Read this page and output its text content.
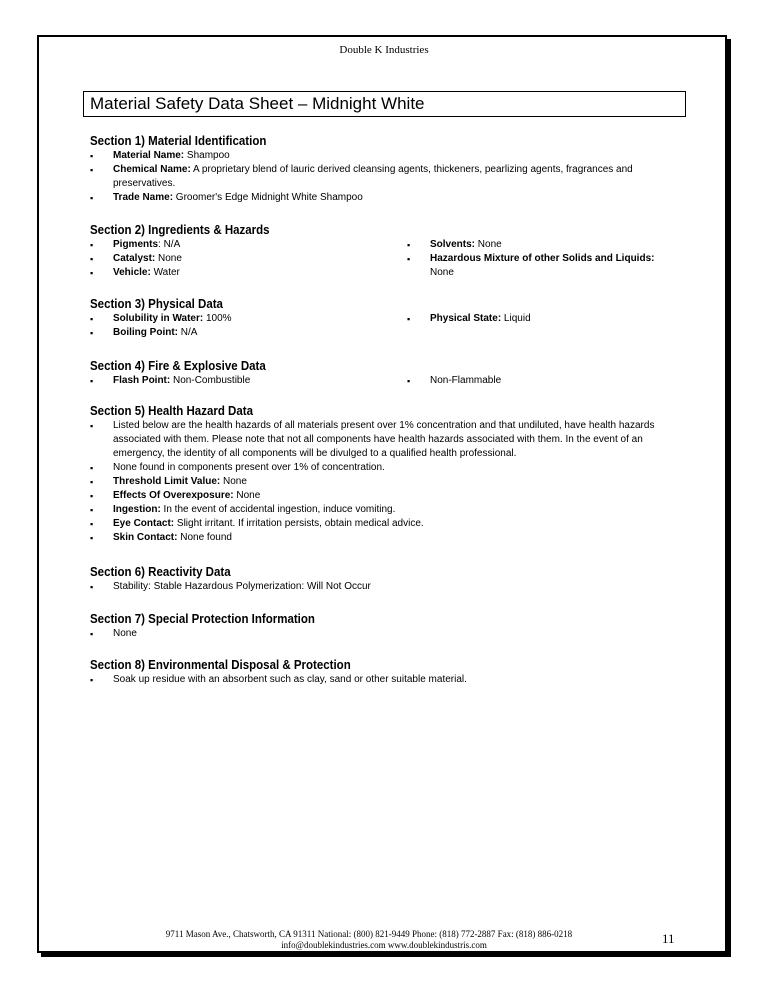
Double K Industries
Material Safety Data Sheet – Midnight White
Section 1) Material Identification
▪ Material Name: Shampoo
▪ Chemical Name: A proprietary blend of lauric derived cleansing agents, thickeners, pearlizing agents, fragrances and
preservatives.
▪ Trade Name: Groomer's Edge Midnight White Shampoo
Section 2) Ingredients & Hazards
▪ Pigments: N/A
▪ Catalyst: None
▪ Vehicle: Water
▪ Solvents: None
▪ Hazardous Mixture of other Solids and Liquids:
None
Section 3) Physical Data
▪ Solubility in Water: 100%
▪ Boiling Point: N/A
▪ Physical State: Liquid
Section 4) Fire & Explosive Data
▪ Flash Point: Non-Combustible	▪ Non-Flammable
Section 5) Health Hazard Data
▪ Listed below are the health hazards of all materials present over 1% concentration and that undiluted, have health hazards
associated with them. Please note that not all components have health hazards associated with them. In the event of an
emergency, the identity of all components will be divulged to a qualified health professional.
▪ None found in components present over 1% of concentration.
▪ Threshold Limit Value: None
▪ Effects Of Overexposure: None
▪ Ingestion: In the event of accidental ingestion, induce vomiting.
▪ Eye Contact: Slight irritant. If irritation persists, obtain medical advice.
▪ Skin Contact: None found
Section 6) Reactivity Data
▪ Stability: Stable Hazardous Polymerization: Will Not Occur
Section 7) Special Protection Information
▪ None
Section 8) Environmental Disposal & Protection
▪ Soak up residue with an absorbent such as clay, sand or other suitable material.
9711 Mason Ave., Chatsworth, CA 91311 National: (800) 821-9449 Phone: (818) 772-2887 Fax: (818) 886-0218
info@doublekindustries.com www.doublekindustris.com	11
